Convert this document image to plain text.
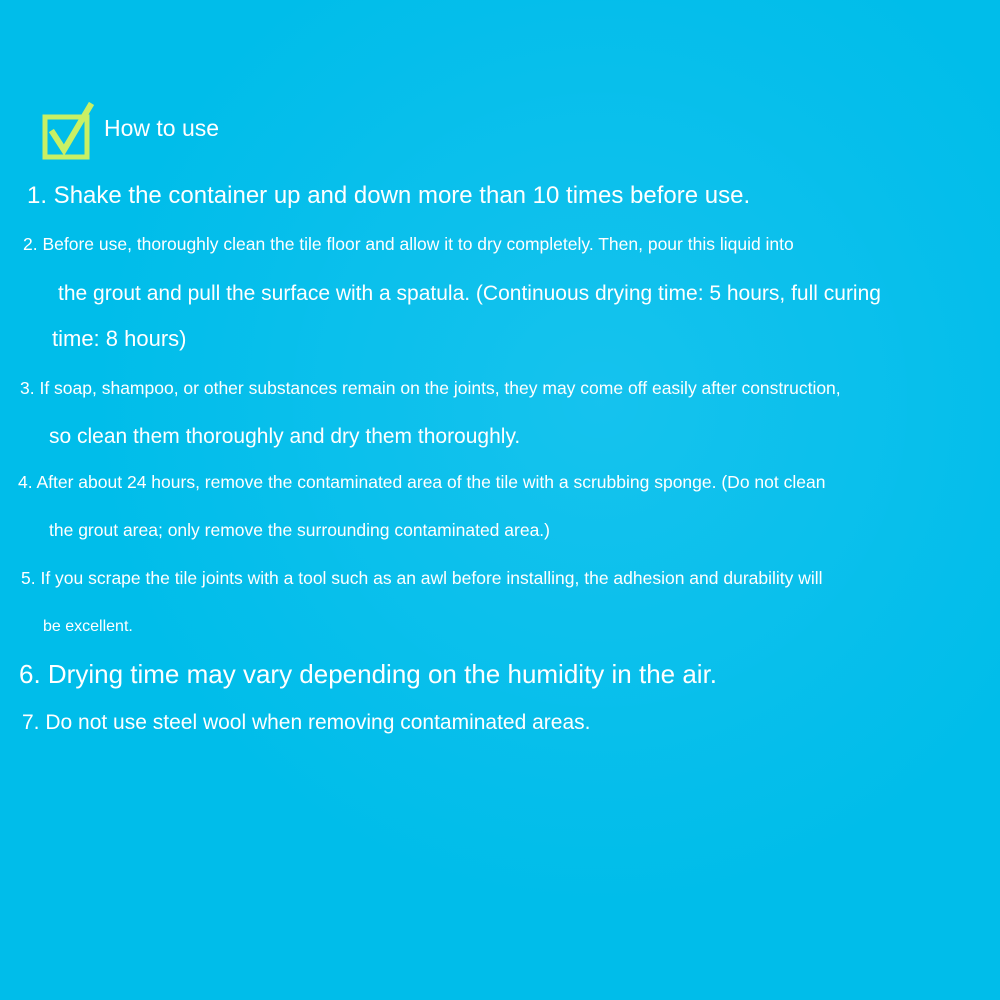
How to use
1. Shake the container up and down more than 10 times before use.
2. Before use, thoroughly clean the tile floor and allow it to dry completely. Then, pour this liquid into
the grout and pull the surface with a spatula. (Continuous drying time: 5 hours, full curing
time: 8 hours)
3. If soap, shampoo, or other substances remain on the joints, they may come off easily after construction,
so clean them thoroughly and dry them thoroughly.
4. After about 24 hours, remove the contaminated area of the tile with a scrubbing sponge. (Do not clean
the grout area; only remove the surrounding contaminated area.)
5. If you scrape the tile joints with a tool such as an awl before installing, the adhesion and durability will
be excellent.
6. Drying time may vary depending on the humidity in the air.
7. Do not use steel wool when removing contaminated areas.
